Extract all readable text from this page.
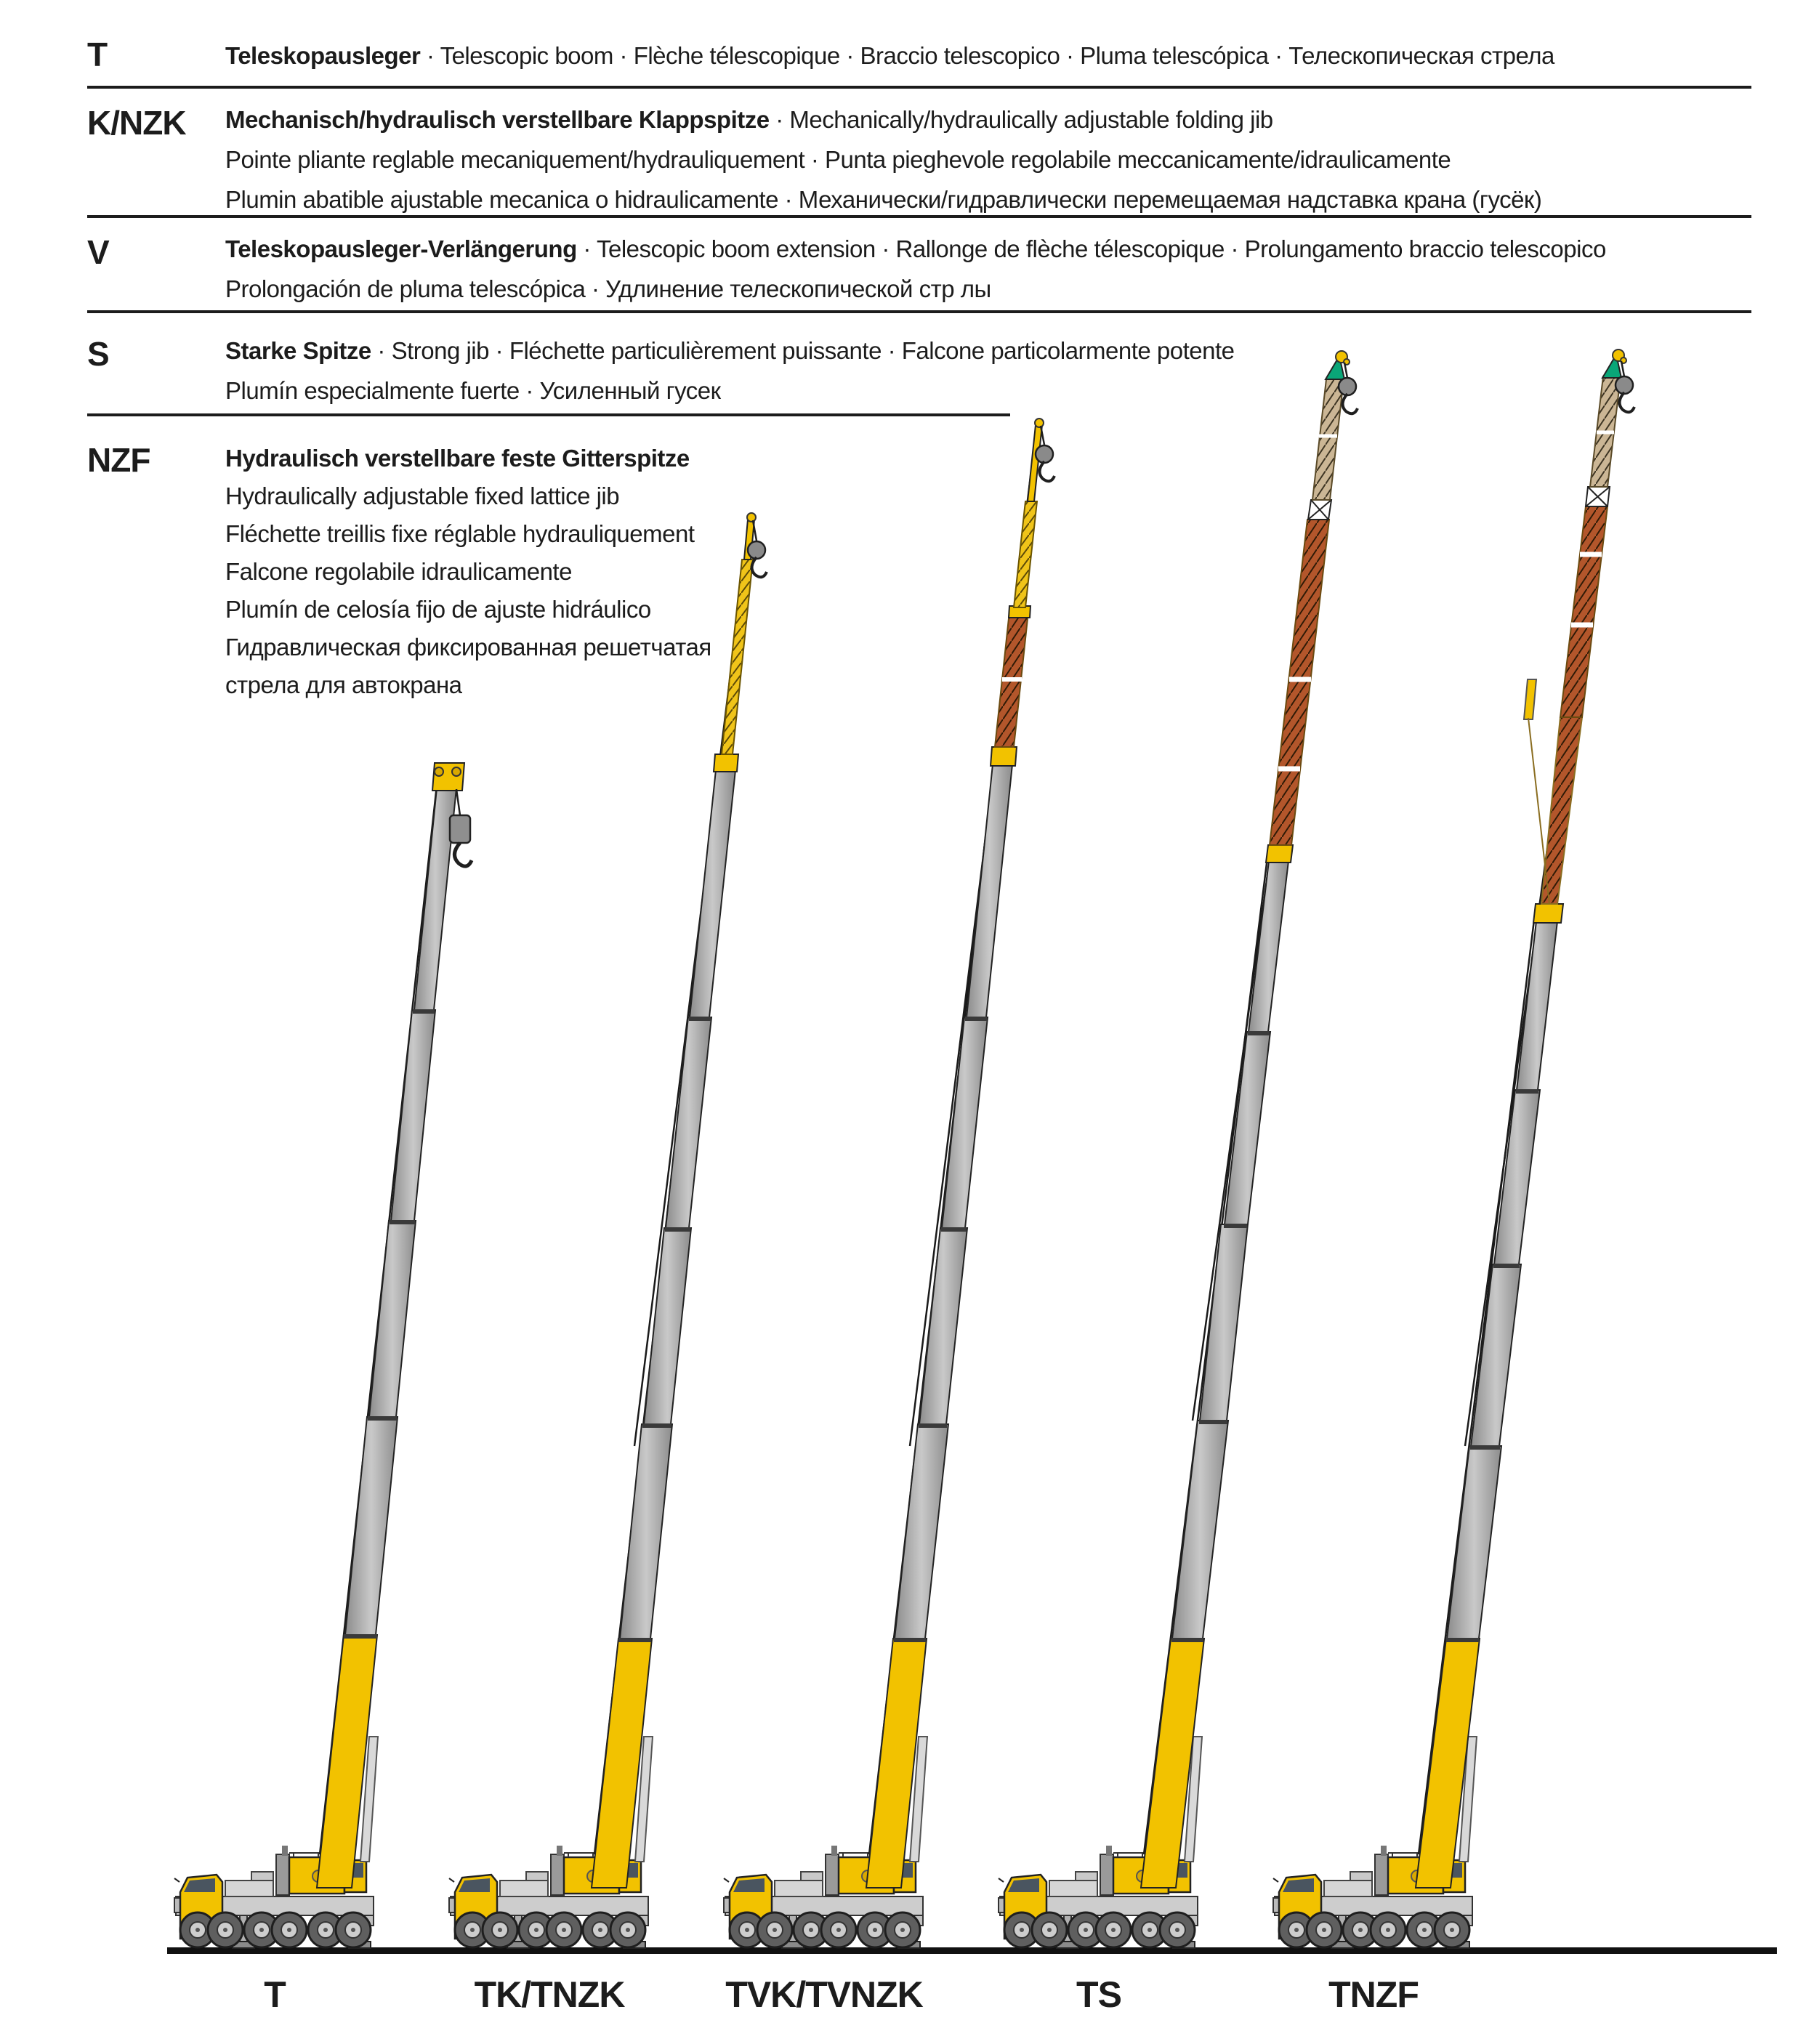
T	Teleskopausleger · Telescopic boom · Flèche télescopique · Braccio telescopico · Pluma telescópica · Телескопическая стрела
K/NZK Mechanisch/hydraulisch verstellbare Klappspitze · Mechanically/hydraulically adjustable folding jib
Pointe pliante reglable mecaniquement/hydrauliquement · Punta pieghevole regolabile meccanicamente/idraulicamente
Plumin abatible ajustable mecanica o hidraulicamente · Механически/гидравлически перемещаемая надставка крана (гусёк)
V	Teleskopausleger-Verlängerung · Telescopic boom extension · Rallonge de flèche télescopique · Prolungamento braccio telescopico
Prolongación de pluma telescópica · Удлинение телескопической стр лы
S	Starke Spitze · Strong jib · Fléchette particulièrement puissante · Falcone particolarmente potente
Plumín especialmente fuerte · Усиленный гусек
NZF	Hydraulisch verstellbare feste Gitterspitze
Hydraulically adjustable fixed lattice jib
Fléchette treillis fixe réglable hydrauliquement
Falcone regolabile idraulicamente
Plumín de celosía fijo de ajuste hidráulico
Гидравлическая фиксированная решетчатая
стрела для автокрана
T	TK/TNZK	TVK/TVNZK	TS	TNZF
